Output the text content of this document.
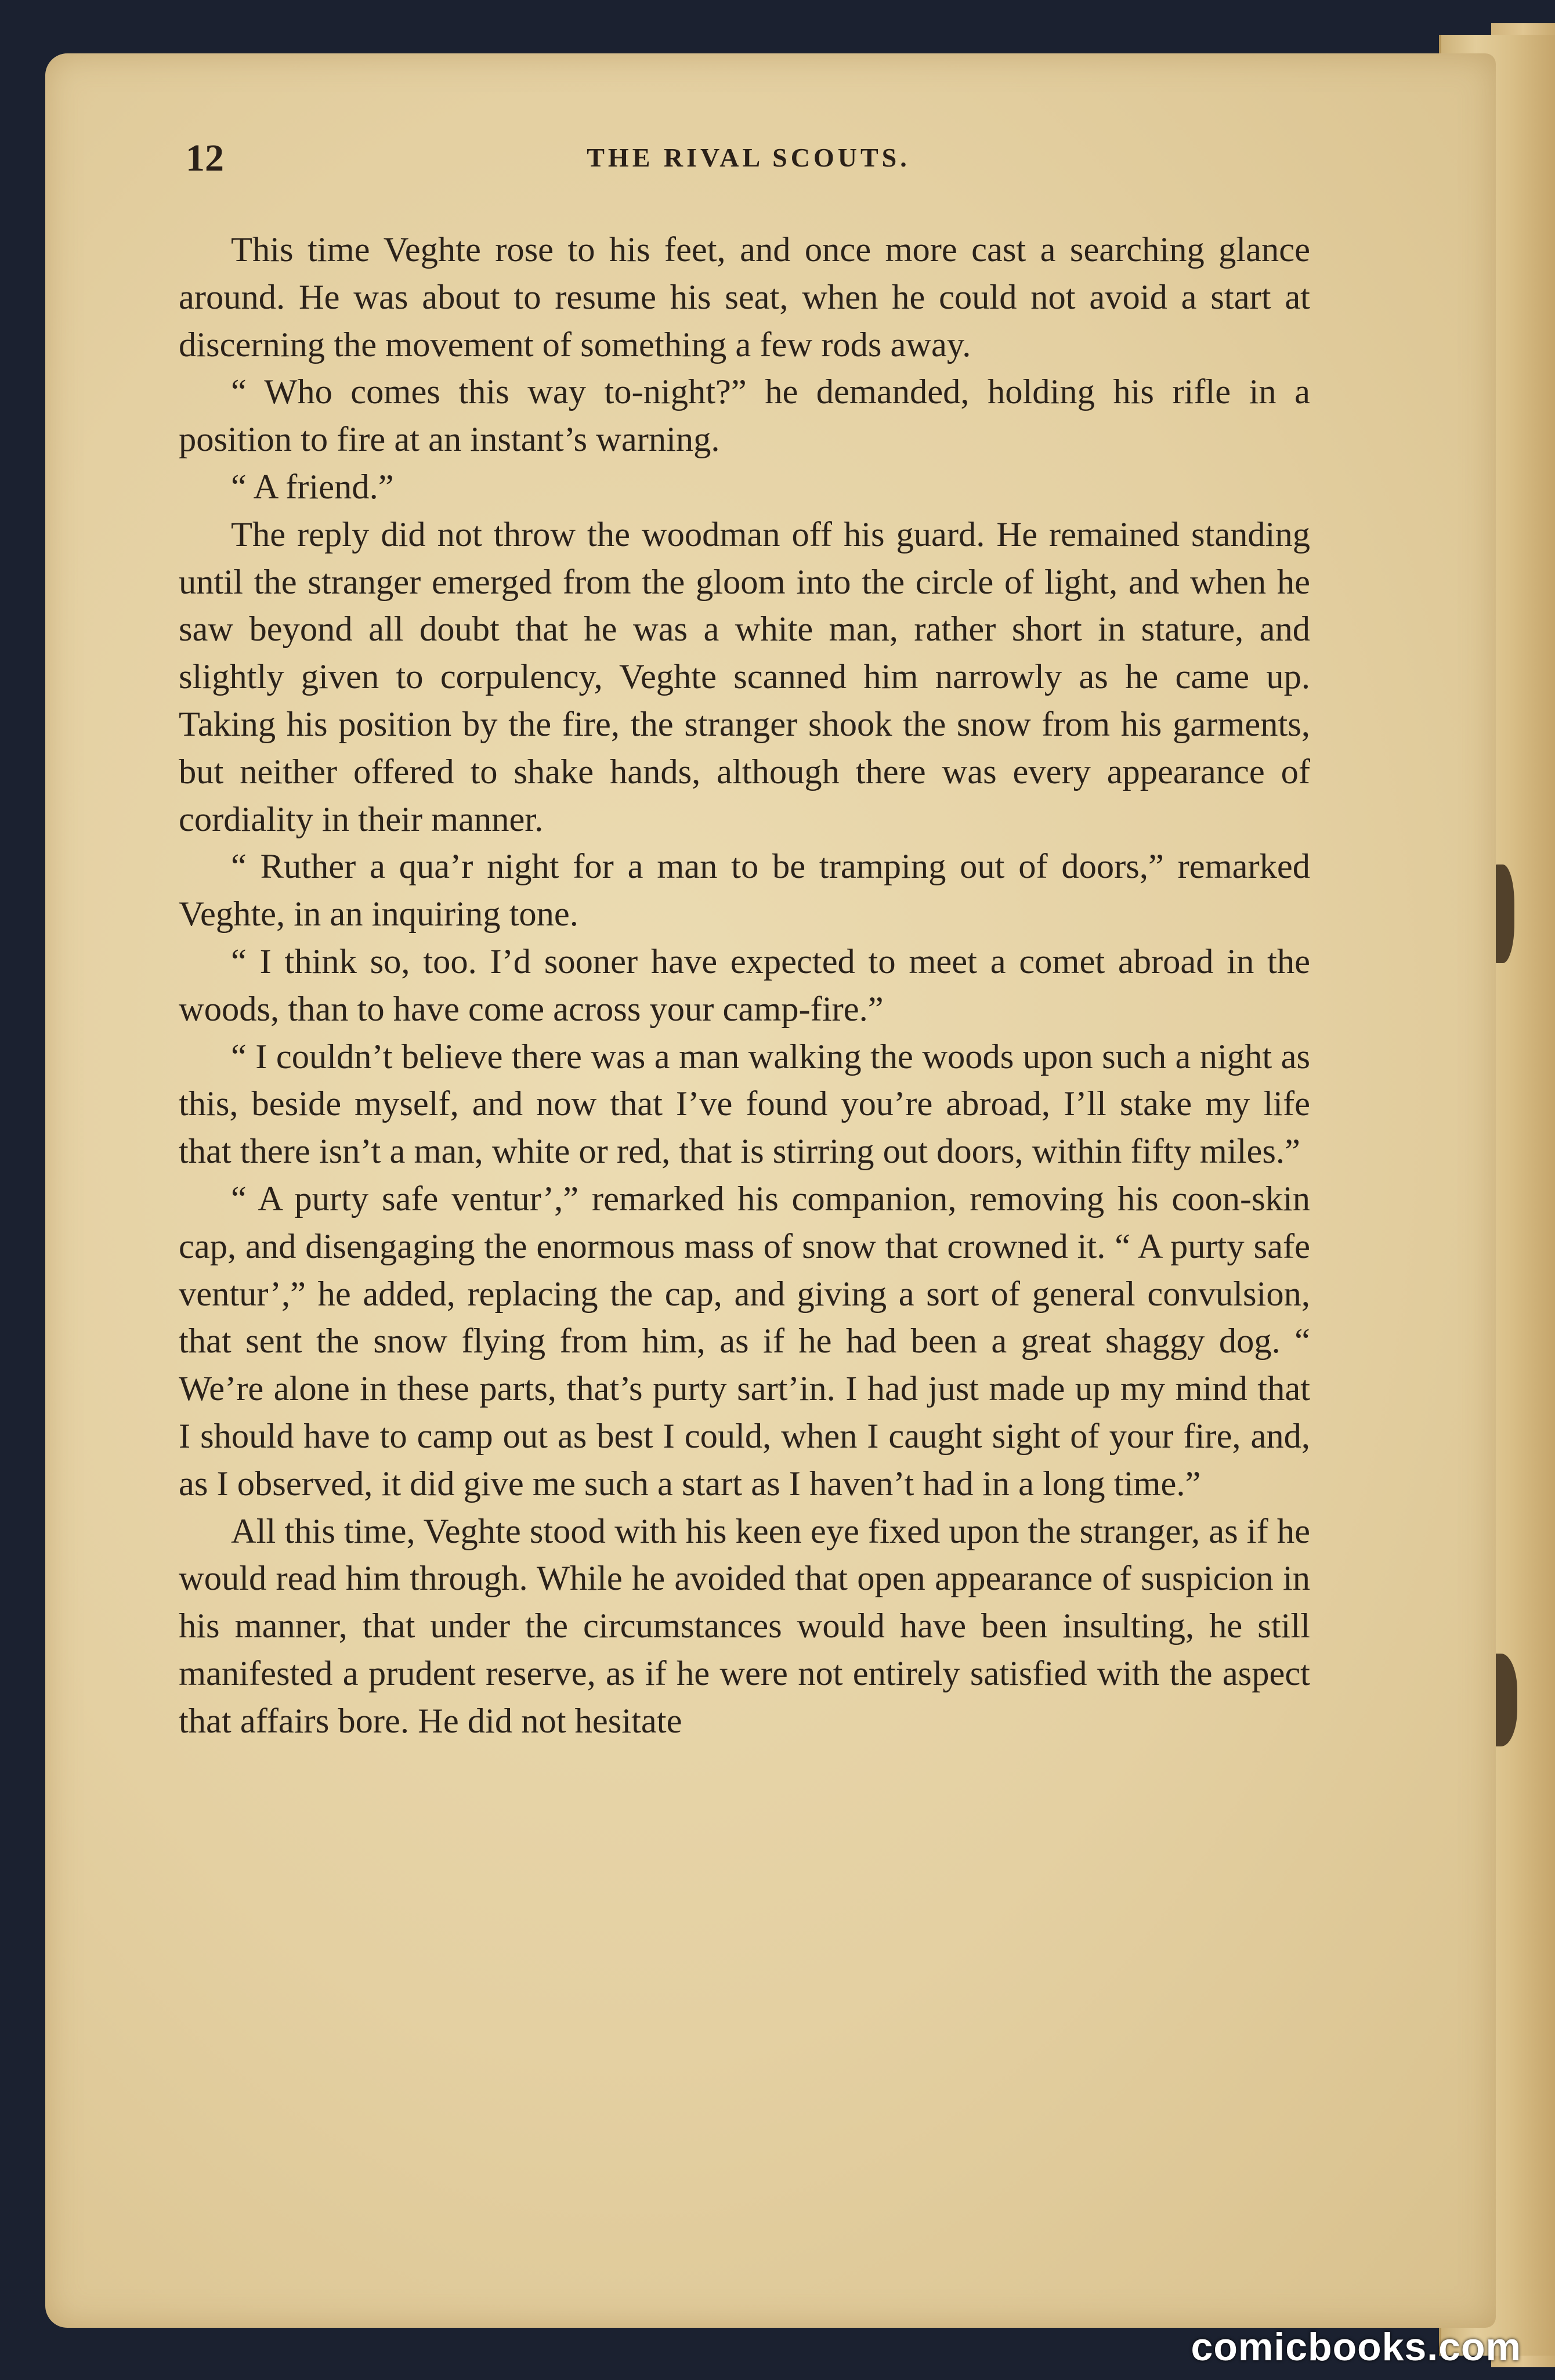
12	THE RIVAL SCOUTS.

This time Veghte rose to his feet, and once more cast a searching glance around. He was about to resume his seat, when he could not avoid a start at discerning the movement of something a few rods away.

“ Who comes this way to-night?” he demanded, holding his rifle in a position to fire at an instant’s warning.

“ A friend.”

The reply did not throw the woodman off his guard. He remained standing until the stranger emerged from the gloom into the circle of light, and when he saw beyond all doubt that he was a white man, rather short in stature, and slightly given to corpulency, Veghte scanned him narrowly as he came up. Taking his position by the fire, the stranger shook the snow from his garments, but neither offered to shake hands, although there was every appearance of cordiality in their manner.

“ Ruther a qua’r night for a man to be tramping out of doors,” remarked Veghte, in an inquiring tone.

“ I think so, too. I’d sooner have expected to meet a comet abroad in the woods, than to have come across your camp-fire.”

“ I couldn’t believe there was a man walking the woods upon such a night as this, beside myself, and now that I’ve found you’re abroad, I’ll stake my life that there isn’t a man, white or red, that is stirring out doors, within fifty miles.”

“ A purty safe ventur’,” remarked his companion, removing his coon-skin cap, and disengaging the enormous mass of snow that crowned it. “ A purty safe ventur’,” he added, replacing the cap, and giving a sort of general convulsion, that sent the snow flying from him, as if he had been a great shaggy dog. “ We’re alone in these parts, that’s purty sart’in. I had just made up my mind that I should have to camp out as best I could, when I caught sight of your fire, and, as I observed, it did give me such a start as I haven’t had in a long time.”

All this time, Veghte stood with his keen eye fixed upon the stranger, as if he would read him through. While he avoided that open appearance of suspicion in his manner, that under the circumstances would have been insulting, he still manifested a prudent reserve, as if he were not entirely satisfied with the aspect that affairs bore. He did not hesitate

comicbooks.com
